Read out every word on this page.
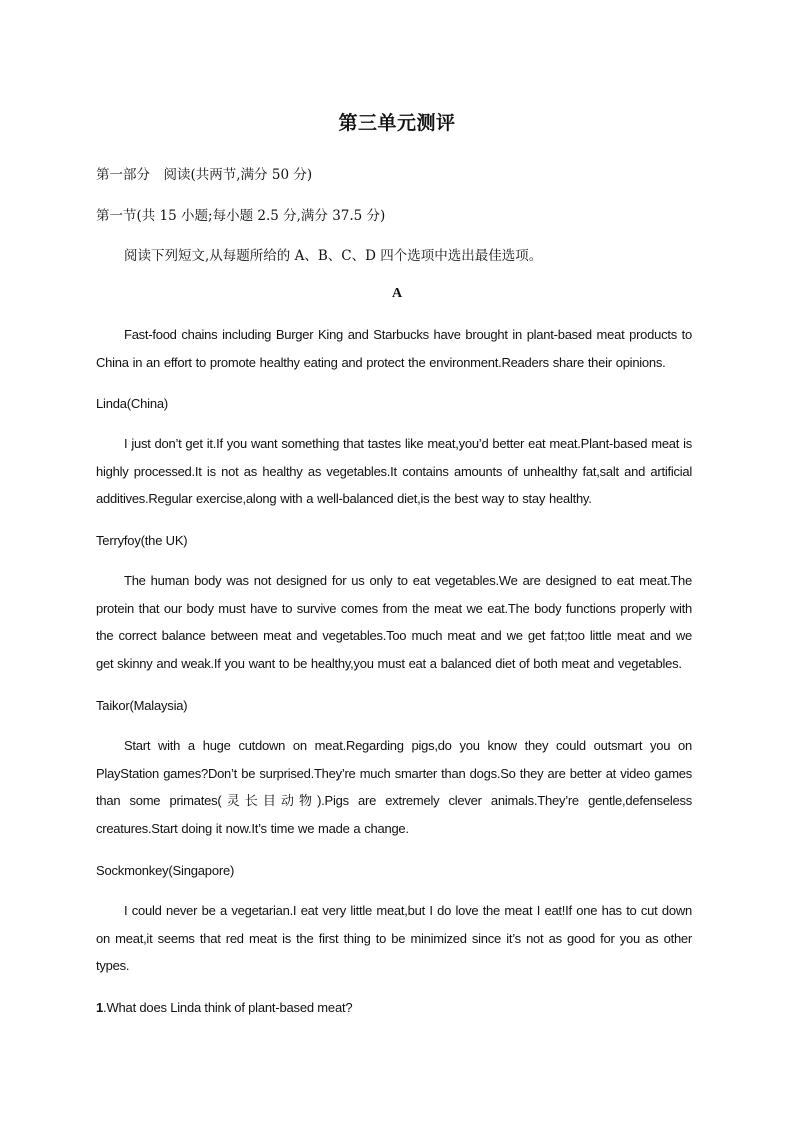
第三单元测评

第一部分　阅读(共两节,满分 50 分)

第一节(共 15 小题;每小题 2.5 分,满分 37.5 分)

阅读下列短文,从每题所给的 A、B、C、D 四个选项中选出最佳选项。

A

Fast-food chains including Burger King and Starbucks have brought in plant-based meat products to China in an effort to promote healthy eating and protect the environment.Readers share their opinions.

Linda(China)

I just don’t get it.If you want something that tastes like meat,you’d better eat meat.Plant-based meat is highly processed.It is not as healthy as vegetables.It contains amounts of unhealthy fat,salt and artificial additives.Regular exercise,along with a well-balanced diet,is the best way to stay healthy.

Terryfoy(the UK)

The human body was not designed for us only to eat vegetables.We are designed to eat meat.The protein that our body must have to survive comes from the meat we eat.The body functions properly with the correct balance between meat and vegetables.Too much meat and we get fat;too little meat and we get skinny and weak.If you want to be healthy,you must eat a balanced diet of both meat and vegetables.

Taikor(Malaysia)

Start with a huge cutdown on meat.Regarding pigs,do you know they could outsmart you on PlayStation games?Don’t be surprised.They’re much smarter than dogs.So they are better at video games than some primates(灵长目动物).Pigs are extremely clever animals.They’re gentle,defenseless creatures.Start doing it now.It’s time we made a change.

Sockmonkey(Singapore)

I could never be a vegetarian.I eat very little meat,but I do love the meat I eat!If one has to cut down on meat,it seems that red meat is the first thing to be minimized since it’s not as good for you as other types.

1.What does Linda think of plant-based meat?
